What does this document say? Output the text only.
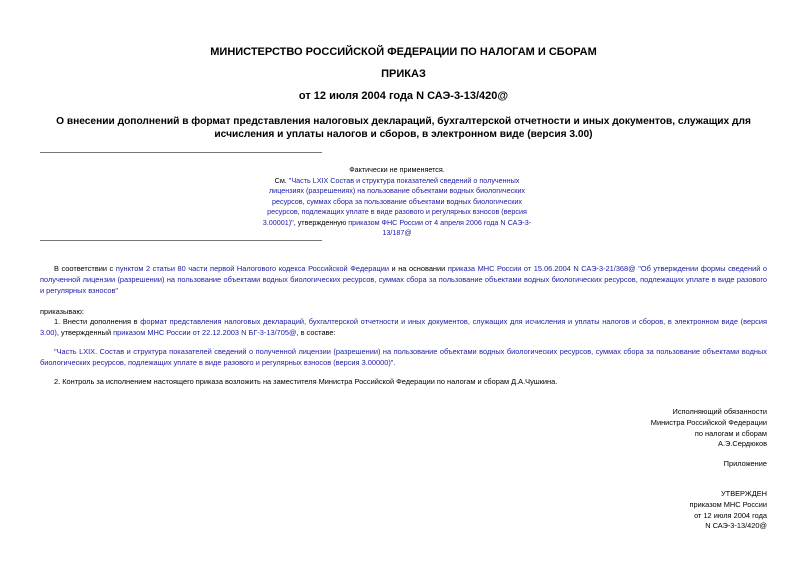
МИНИСТЕРСТВО РОССИЙСКОЙ ФЕДЕРАЦИИ ПО НАЛОГАМ И СБОРАМ
ПРИКАЗ
от 12 июля 2004 года N САЭ-3-13/420@
О внесении дополнений в формат представления налоговых деклараций, бухгалтерской отчетности и иных документов, служащих для исчисления и уплаты налогов и сборов, в электронном виде (версия 3.00)
Фактически не применяется.
См. "Часть LXIX Состав и структура показателей сведений о полученных лицензиях (разрешениях) на пользование объектами водных биологических ресурсов, суммах сбора за пользование объектами водных биологических ресурсов, подлежащих уплате в виде разового и регулярных взносов (версия 3.00001)", утвержденную приказом ФНС России от 4 апреля 2006 года N САЭ-3-13/187@
В соответствии с пунктом 2 статьи 80 части первой Налогового кодекса Российской Федерации и на основании приказа МНС России от 15.06.2004 N САЭ-3-21/368@ "Об утверждении формы сведений о полученной лицензии (разрешении) на пользование объектами водных биологических ресурсов, суммах сбора за пользование объектами водных биологических ресурсов, подлежащих уплате в виде разового и регулярных взносов"
приказываю:
1. Внести дополнения в формат представления налоговых деклараций, бухгалтерской отчетности и иных документов, служащих для исчисления и уплаты налогов и сборов, в электронном виде (версия 3.00), утвержденный приказом МНС России от 22.12.2003 N БГ-3-13/705@, в составе:
"Часть LXIX. Состав и структура показателей сведений о полученной лицензии (разрешении) на пользование объектами водных биологических ресурсов, суммах сбора за пользование объектами водных биологических ресурсов, подлежащих уплате в виде разового и регулярных взносов (версия 3.00000)".
2. Контроль за исполнением настоящего приказа возложить на заместителя Министра Российской Федерации по налогам и сборам Д.А.Чушкина.
Исполняющий обязанности
Министра Российской Федерации
по налогам и сборам
А.Э.Сердюков
Приложение
УТВЕРЖДЕН
приказом МНС России
от 12 июля 2004 года
N САЭ-3-13/420@
